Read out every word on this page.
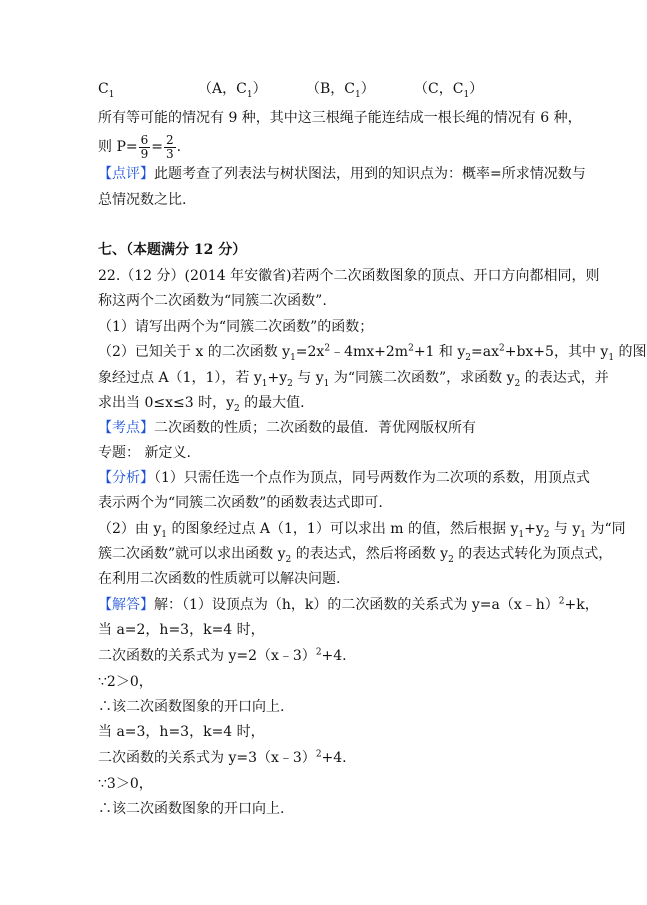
$C_1$	（A，$C_1$）	（B，$C_1$）	（C，$C_1$）
所有等可能的情况有 9 种，其中这三根绳子能连结成一根长绳的情况有 6 种，
则 $P= \frac{6}{9} = \frac{2}{3}$ .
【点评】此题考查了列表法与树状图法，用到的知识点为：概率=所求情况数与
总情况数之比.
七、（本题满分 12 分）
22.（12 分）(2014 年安徽省)若两个二次函数图象的顶点、开口方向都相同，则
称这两个二次函数为“同簇二次函数”.
（1）请写出两个为“同簇二次函数”的函数；
（2）已知关于 x 的二次函数 $y_1=2x^2﹣4mx+2m^2+1$ 和 $y_2=ax^2+bx+5$，其中 $y_1$ 的图
象经过点 A（1，1），若 $y_1+y_2$ 与 $y_1$ 为“同簇二次函数”，求函数 $y_2$ 的表达式，并
求出当 0≤x≤3 时，$y_2$ 的最大值.
【考点】二次函数的性质；二次函数的最值．菁优网版权所有
专题： 新定义.
【分析】（1）只需任选一个点作为顶点，同号两数作为二次项的系数，用顶点式
表示两个为“同簇二次函数”的函数表达式即可.
（2）由 $y_1$ 的图象经过点 A（1，1）可以求出 m 的值，然后根据 $y_1+y_2$ 与 $y_1$ 为“同
簇二次函数”就可以求出函数 $y_2$ 的表达式，然后将函数 $y_2$ 的表达式转化为顶点式，
在利用二次函数的性质就可以解决问题.
【解答】解：（1）设顶点为（h，k）的二次函数的关系式为 y=a（x﹣h）$^2$+k，
当 a=2，h=3，k=4 时，
二次函数的关系式为 y=2（x﹣3）$^2$+4.
∵2＞0，
∴该二次函数图象的开口向上.
当 a=3，h=3，k=4 时，
二次函数的关系式为 y=3（x﹣3）$^2$+4.
∵3＞0，
∴该二次函数图象的开口向上.
